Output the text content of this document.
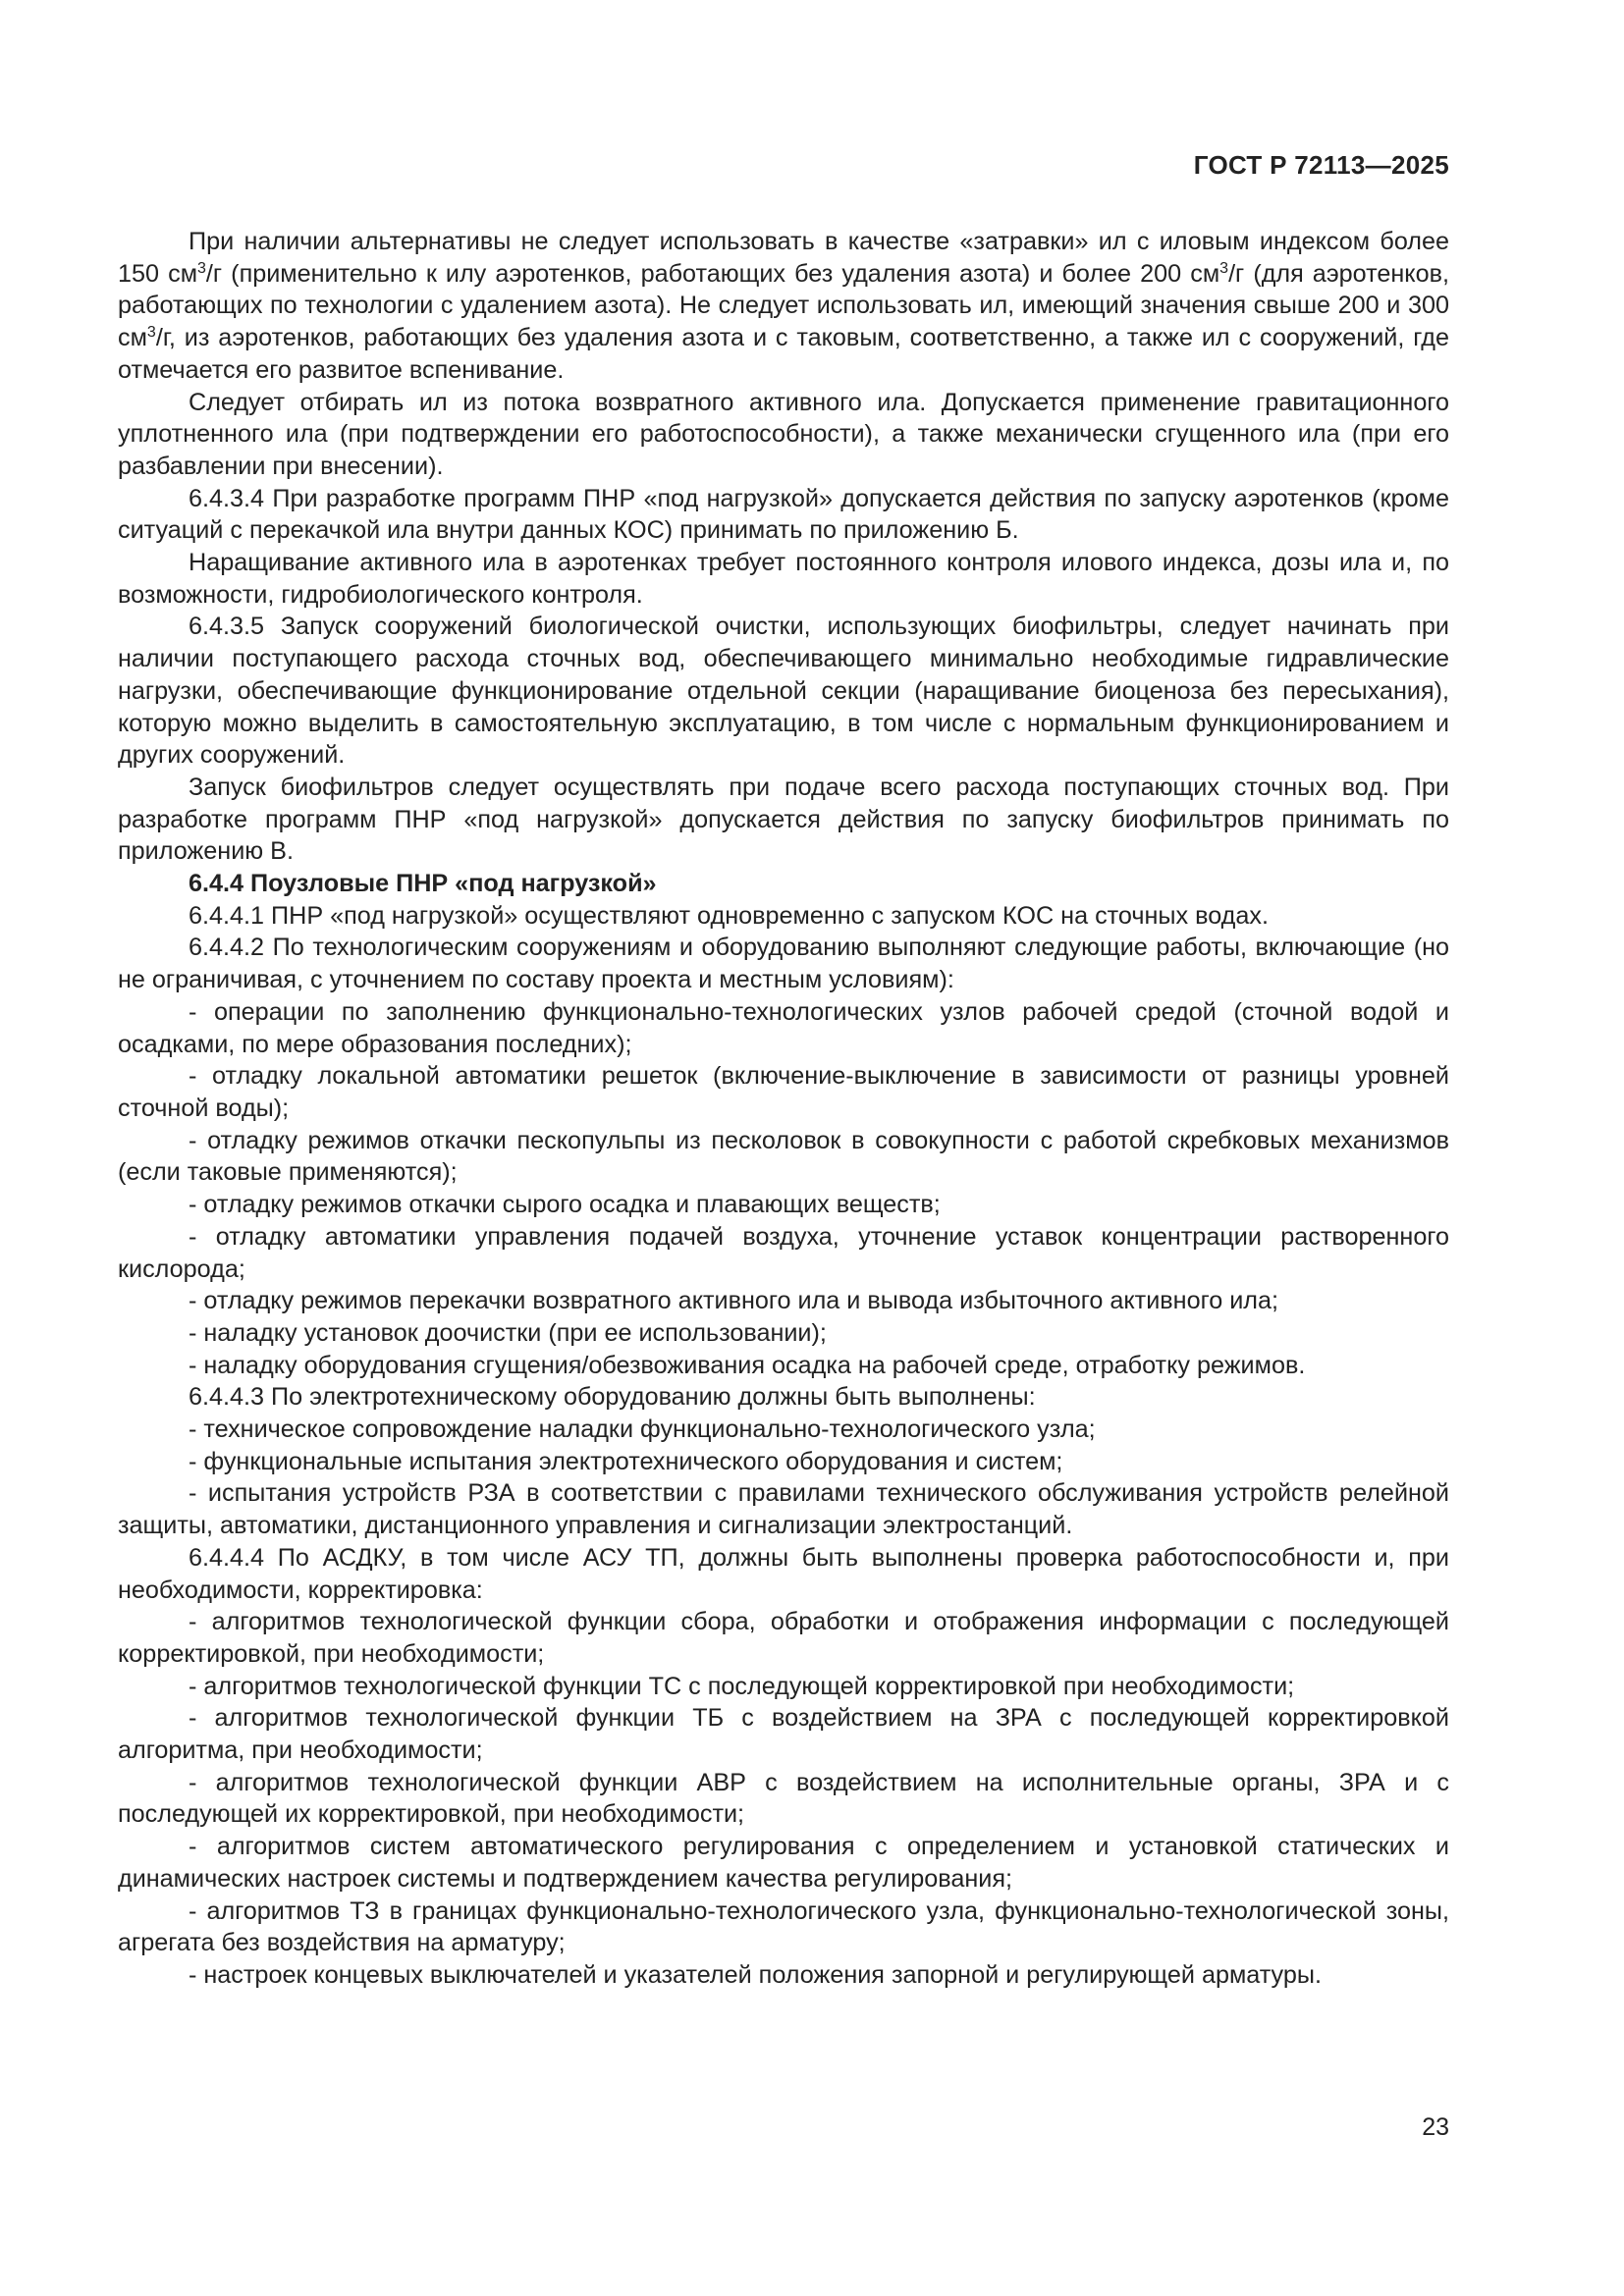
ГОСТ Р 72113—2025

При наличии альтернативы не следует использовать в качестве «затравки» ил с иловым индексом более 150 $см^3/г$ (применительно к илу аэротенков, работающих без удаления азота) и более 200 $см^3/г$ (для аэротенков, работающих по технологии с удалением азота). Не следует использовать ил, имеющий значения свыше 200 и 300 $см^3/г$, из аэротенков, работающих без удаления азота и с таковым, соответственно, а также ил с сооружений, где отмечается его развитое вспенивание.

Следует отбирать ил из потока возвратного активного ила. Допускается применение гравитационного уплотненного ила (при подтверждении его работоспособности), а также механически сгущенного ила (при его разбавлении при внесении).

6.4.3.4 При разработке программ ПНР «под нагрузкой» допускается действия по запуску аэротенков (кроме ситуаций с перекачкой ила внутри данных КОС) принимать по приложению Б.

Наращивание активного ила в аэротенках требует постоянного контроля илового индекса, дозы ила и, по возможности, гидробиологического контроля.

6.4.3.5 Запуск сооружений биологической очистки, использующих биофильтры, следует начинать при наличии поступающего расхода сточных вод, обеспечивающего минимально необходимые гидравлические нагрузки, обеспечивающие функционирование отдельной секции (наращивание биоценоза без пересыхания), которую можно выделить в самостоятельную эксплуатацию, в том числе с нормальным функционированием и других сооружений.

Запуск биофильтров следует осуществлять при подаче всего расхода поступающих сточных вод. При разработке программ ПНР «под нагрузкой» допускается действия по запуску биофильтров принимать по приложению В.

6.4.4 Поузловые ПНР «под нагрузкой»

6.4.4.1 ПНР «под нагрузкой» осуществляют одновременно с запуском КОС на сточных водах.

6.4.4.2 По технологическим сооружениям и оборудованию выполняют следующие работы, включающие (но не ограничивая, с уточнением по составу проекта и местным условиям):

- операции по заполнению функционально-технологических узлов рабочей средой (сточной водой и осадками, по мере образования последних);

- отладку локальной автоматики решеток (включение-выключение в зависимости от разницы уровней сточной воды);

- отладку режимов откачки пескопульпы из песколовок в совокупности с работой скребковых механизмов (если таковые применяются);

- отладку режимов откачки сырого осадка и плавающих веществ;

- отладку автоматики управления подачей воздуха, уточнение уставок концентрации растворенного кислорода;

- отладку режимов перекачки возвратного активного ила и вывода избыточного активного ила;

- наладку установок доочистки (при ее использовании);

- наладку оборудования сгущения/обезвоживания осадка на рабочей среде, отработку режимов.

6.4.4.3 По электротехническому оборудованию должны быть выполнены:

- техническое сопровождение наладки функционально-технологического узла;

- функциональные испытания электротехнического оборудования и систем;

- испытания устройств РЗА в соответствии с правилами технического обслуживания устройств релейной защиты, автоматики, дистанционного управления и сигнализации электростанций.

6.4.4.4 По АСДКУ, в том числе АСУ ТП, должны быть выполнены проверка работоспособности и, при необходимости, корректировка:

- алгоритмов технологической функции сбора, обработки и отображения информации с последующей корректировкой, при необходимости;

- алгоритмов технологической функции ТС с последующей корректировкой при необходимости;

- алгоритмов технологической функции ТБ с воздействием на ЗРА с последующей корректировкой алгоритма, при необходимости;

- алгоритмов технологической функции АВР с воздействием на исполнительные органы, ЗРА и с последующей их корректировкой, при необходимости;

- алгоритмов систем автоматического регулирования с определением и установкой статических и динамических настроек системы и подтверждением качества регулирования;

- алгоритмов ТЗ в границах функционально-технологического узла, функционально-технологической зоны, агрегата без воздействия на арматуру;

- настроек концевых выключателей и указателей положения запорной и регулирующей арматуры.

23
